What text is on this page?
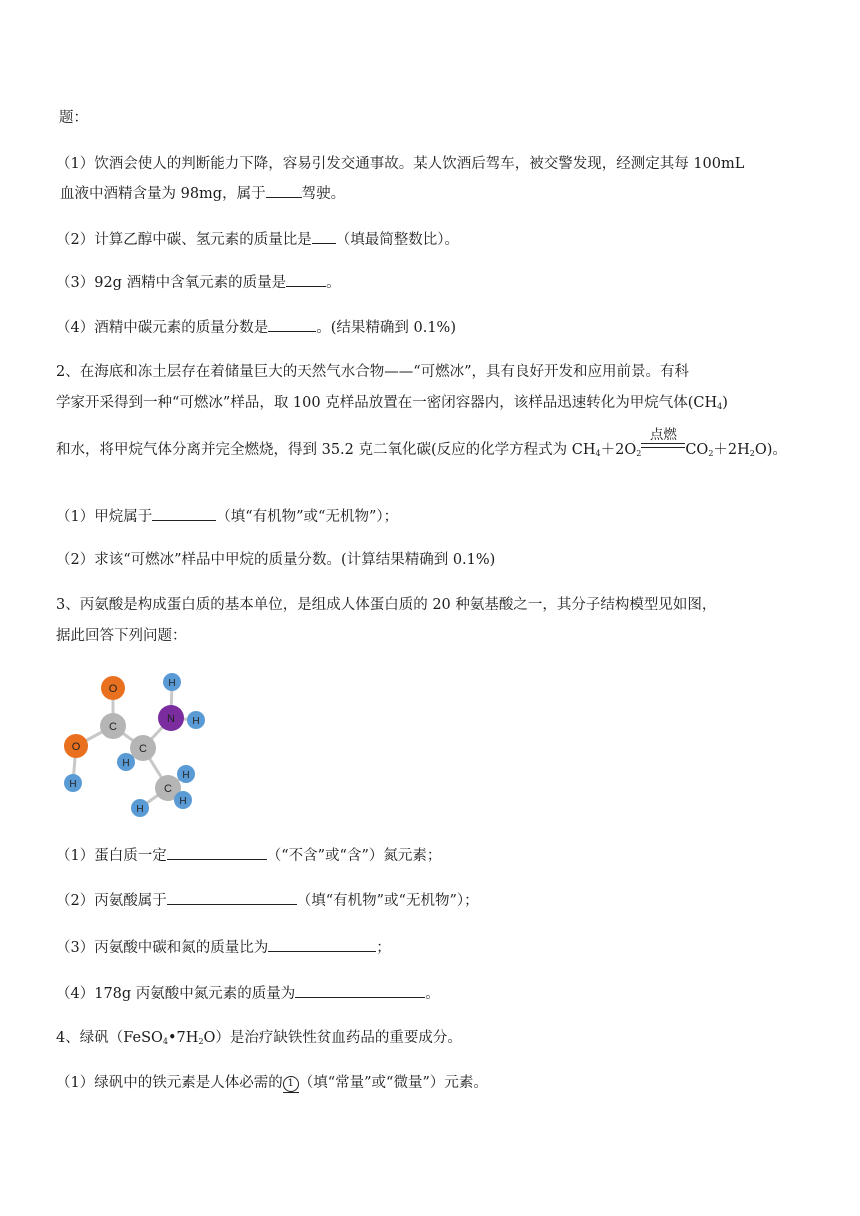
题：
（1）饮酒会使人的判断能力下降，容易引发交通事故。某人饮酒后驾车，被交警发现，经测定其每 100mL
血液中酒精含量为 98mg，属于 驾驶。
（2）计算乙醇中碳、氢元素的质量比是 （填最简整数比）。
（3）92g 酒精中含氧元素的质量是	。
（4）酒精中碳元素的质量分数是	。(结果精确到 0.1%)
2、在海底和冻土层存在着储量巨大的天然气水合物——“可燃冰”，具有良好开发和应用前景。有科
学家开采得到一种“可燃冰”样品，取 100 克样品放置在一密闭容器内，该样品迅速转化为甲烷气体$(CH_4)$
和水，将甲烷气体分离并完全燃烧，得到 35.2 克二氧化碳(反应的化学方程式为 $CH_4+2O_2$
点燃
$CO_2+2H_2O$)。
（1）甲烷属于	（填“有机物”或“无机物”）；
（2）求该“可燃冰”样品中甲烷的质量分数。(计算结果精确到 0.1%)
3、丙氨酸是构成蛋白质的基本单位，是组成人体蛋白质的 20 种氨基酸之一，其分子结构模型见如图，
据此回答下列问题：
O
C
O
H
C
H
N
H
H
C
H
H
H
（1）蛋白质一定	（“不含”或“含”）氮元素；
（2）丙氨酸属于	（填“有机物”或“无机物”）；
（3）丙氨酸中碳和氮的质量比为	；
（4）178g 丙氨酸中氮元素的质量为	。
4、绿矾$(FeSO_4•7H_2O)$是治疗缺铁性贫血药品的重要成分。
（1）绿矾中的铁元素是人体必需的 1 （填“常量”或“微量”）元素。
